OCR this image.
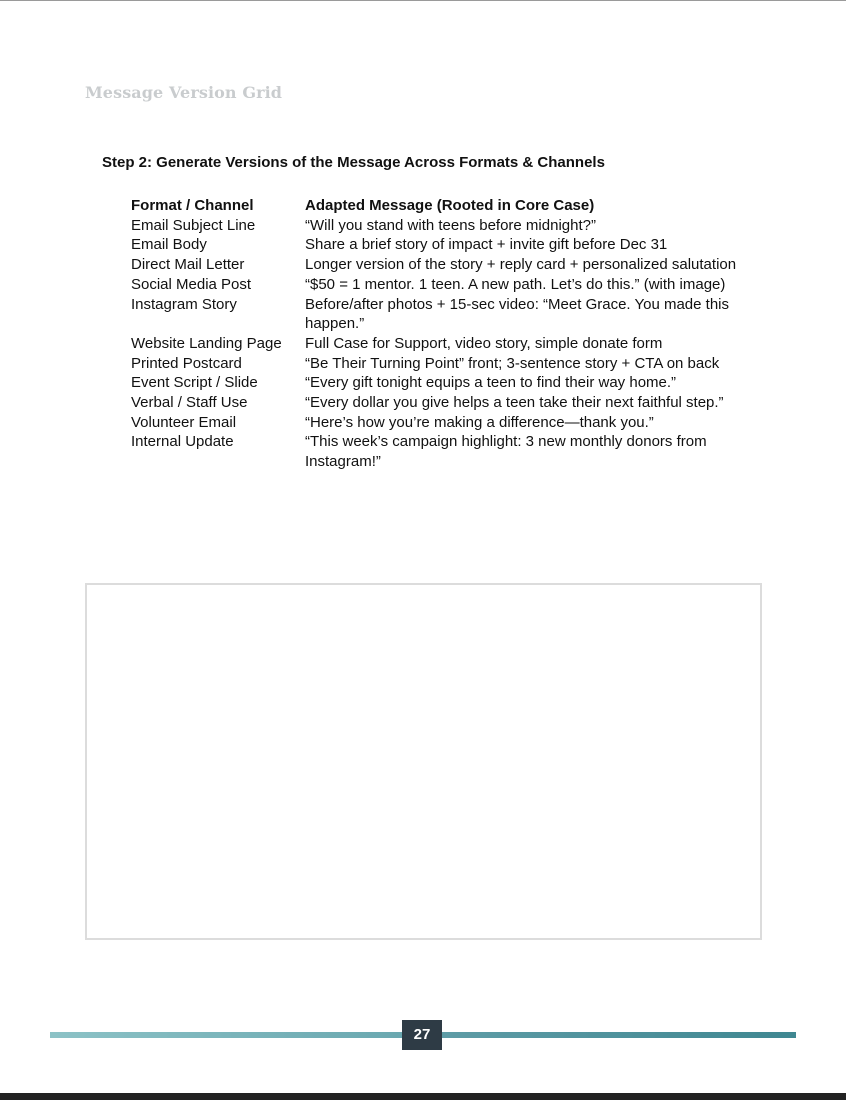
Message Version Grid
Step 2: Generate Versions of the Message Across Formats & Channels
Format / Channel	Adapted Message (Rooted in Core Case)
Email Subject Line	“Will you stand with teens before midnight?”
Email Body	Share a brief story of impact + invite gift before Dec 31
Direct Mail Letter	Longer version of the story + reply card + personalized salutation
Social Media Post	“$50 = 1 mentor. 1 teen. A new path. Let’s do this.” (with image)
Instagram Story	Before/after photos + 15-sec video: “Meet Grace. You made this happen.”
Website Landing Page	Full Case for Support, video story, simple donate form
Printed Postcard	“Be Their Turning Point” front; 3-sentence story + CTA on back
Event Script / Slide	“Every gift tonight equips a teen to find their way home.”
Verbal / Staff Use	“Every dollar you give helps a teen take their next faithful step.”
Volunteer Email	“Here’s how you’re making a difference—thank you.”
Internal Update	“This week’s campaign highlight: 3 new monthly donors from Instagram!”
27
